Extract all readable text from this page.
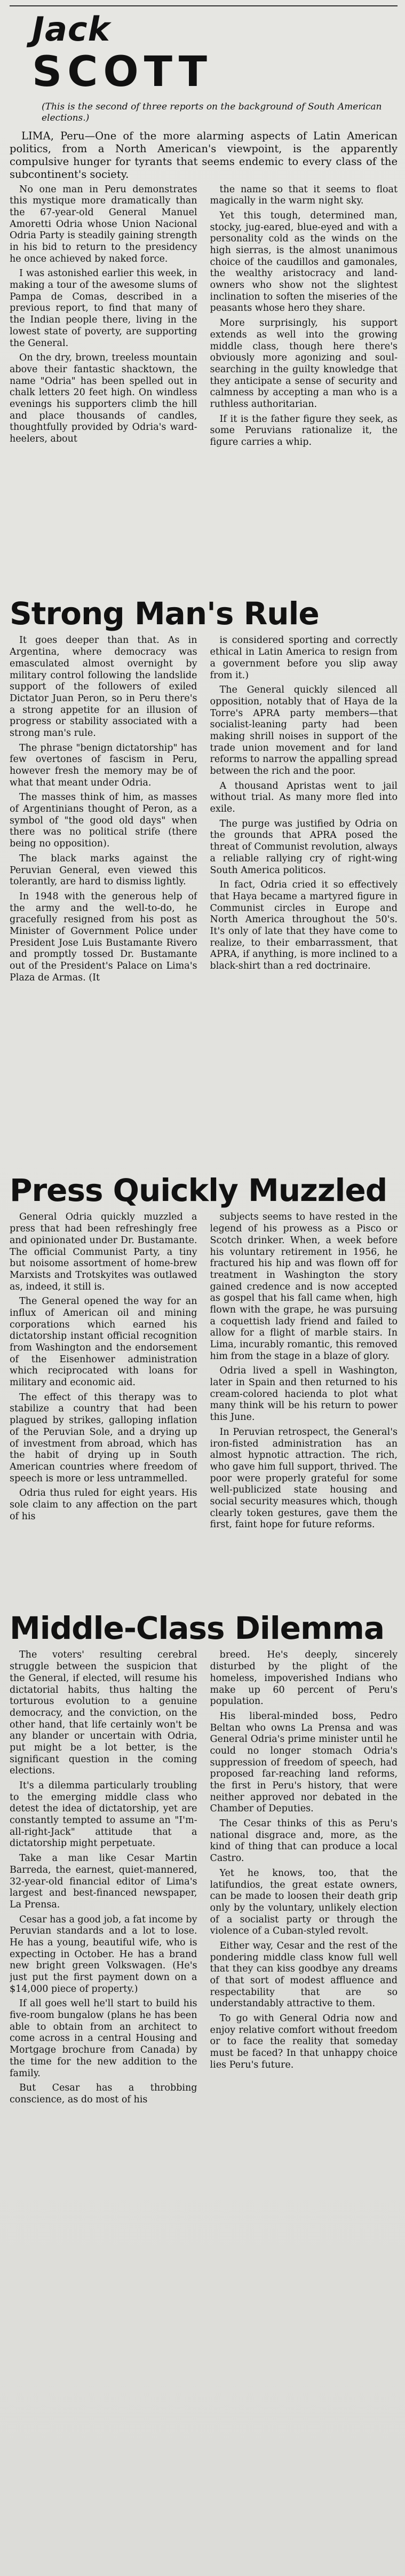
Jack
SCOTT
(This is the second of three reports on the background of South American elections.)

LIMA, Peru—One of the more alarming aspects of Latin American politics, from a North American's viewpoint, is the apparently compulsive hunger for tyrants that seems endemic to every class of the subcontinent's society.

No one man in Peru demonstrates this mystique more dramatically than the 67-year-old General Manuel Amoretti Odria whose Union Nacional Odria Party is steadily gaining strength in his bid to return to the presidency he once achieved by naked force.

I was astonished earlier this week, in making a tour of the awesome slums of Pampa de Comas, described in a previous report, to find that many of the Indian people there, living in the lowest state of poverty, are supporting the General.

On the dry, brown, treeless mountain above their fantastic shacktown, the name "Odria" has been spelled out in chalk letters 20 feet high. On windless evenings his supporters climb the hill and place thousands of candles, thoughtfully provided by Odria's ward-heelers, about

the name so that it seems to float magically in the warm night sky.

Yet this tough, determined man, stocky, jug-eared, blue-eyed and with a personality cold as the winds on the high sierras, is the almost unanimous choice of the caudillos and gamonales, the wealthy aristocracy and land-owners who show not the slightest inclination to soften the miseries of the peasants whose hero they share.

More surprisingly, his support extends as well into the growing middle class, though here there's obviously more agonizing and soul-searching in the guilty knowledge that they anticipate a sense of security and calmness by accepting a man who is a ruthless authoritarian.

If it is the father figure they seek, as some Peruvians rationalize it, the figure carries a whip.

Strong Man's Rule

It goes deeper than that. As in Argentina, where democracy was emasculated almost overnight by military control following the landslide support of the followers of exiled Dictator Juan Peron, so in Peru there's a strong appetite for an illusion of progress or stability associated with a strong man's rule.

The phrase "benign dictatorship" has few overtones of fascism in Peru, however fresh the memory may be of what that meant under Odria.

The masses think of him, as masses of Argentinians thought of Peron, as a symbol of "the good old days" when there was no political strife (there being no opposition).

The black marks against the Peruvian General, even viewed this tolerantly, are hard to dismiss lightly.

In 1948 with the generous help of the army and the well-to-do, he gracefully resigned from his post as Minister of Government Police under President Jose Luis Bustamante Rivero and promptly tossed Dr. Bustamante out of the President's Palace on Lima's Plaza de Armas. (It

is considered sporting and correctly ethical in Latin America to resign from a government before you slip away from it.)

The General quickly silenced all opposition, notably that of Haya de la Torre's APRA party members—that socialist-leaning party had been making shrill noises in support of the trade union movement and for land reforms to narrow the appalling spread between the rich and the poor.

A thousand Apristas went to jail without trial. As many more fled into exile.

The purge was justified by Odria on the grounds that APRA posed the threat of Communist revolution, always a reliable rallying cry of right-wing South America politicos.

In fact, Odria cried it so effectively that Haya became a martyred figure in Communist circles in Europe and North America throughout the 50's. It's only of late that they have come to realize, to their embarrassment, that APRA, if anything, is more inclined to a black-shirt than a red doctrinaire.

Press Quickly Muzzled

General Odria quickly muzzled a press that had been refreshingly free and opinionated under Dr. Bustamante. The official Communist Party, a tiny but noisome assortment of home-brew Marxists and Trotskyites was outlawed as, indeed, it still is.

The General opened the way for an influx of American oil and mining corporations which earned his dictatorship instant official recognition from Washington and the endorsement of the Eisenhower administration which reciprocated with loans for military and economic aid.

The effect of this therapy was to stabilize a country that had been plagued by strikes, galloping inflation of the Peruvian Sole, and a drying up of investment from abroad, which has the habit of drying up in South American countries where freedom of speech is more or less untrammelled.

Odria thus ruled for eight years. His sole claim to any affection on the part of his

subjects seems to have rested in the legend of his prowess as a Pisco or Scotch drinker. When, a week before his voluntary retirement in 1956, he fractured his hip and was flown off for treatment in Washington the story gained credence and is now accepted as gospel that his fall came when, high flown with the grape, he was pursuing a coquettish lady friend and failed to allow for a flight of marble stairs. In Lima, incurably romantic, this removed him from the stage in a blaze of glory.

Odria lived a spell in Washington, later in Spain and then returned to his cream-colored hacienda to plot what many think will be his return to power this June.

In Peruvian retrospect, the General's iron-fisted administration has an almost hypnotic attraction. The rich, who gave him full support, thrived. The poor were properly grateful for some well-publicized state housing and social security measures which, though clearly token gestures, gave them the first, faint hope for future reforms.

Middle-Class Dilemma

The voters' resulting cerebral struggle between the suspicion that the General, if elected, will resume his dictatorial habits, thus halting the torturous evolution to a genuine democracy, and the conviction, on the other hand, that life certainly won't be any blander or uncertain with Odria, put might be a lot better, is the significant question in the coming elections.

It's a dilemma particularly troubling to the emerging middle class who detest the idea of dictatorship, yet are constantly tempted to assume an "I'm-all-right-Jack" attitude that a dictatorship might perpetuate.

Take a man like Cesar Martin Barreda, the earnest, quiet-mannered, 32-year-old financial editor of Lima's largest and best-financed newspaper, La Prensa.

Cesar has a good job, a fat income by Peruvian standards and a lot to lose. He has a young, beautiful wife, who is expecting in October. He has a brand new bright green Volkswagen. (He's just put the first payment down on a $14,000 piece of property.)

If all goes well he'll start to build his five-room bungalow (plans he has been able to obtain from an architect to come across in a central Housing and Mortgage brochure from Canada) by the time for the new addition to the family.

But Cesar has a throbbing conscience, as do most of his

breed. He's deeply, sincerely disturbed by the plight of the homeless, impoverished Indians who make up 60 percent of Peru's population.

His liberal-minded boss, Pedro Beltan who owns La Prensa and was General Odria's prime minister until he could no longer stomach Odria's suppression of freedom of speech, had proposed far-reaching land reforms, the first in Peru's history, that were neither approved nor debated in the Chamber of Deputies.

The Cesar thinks of this as Peru's national disgrace and, more, as the kind of thing that can produce a local Castro.

Yet he knows, too, that the latifundios, the great estate owners, can be made to loosen their death grip only by the voluntary, unlikely election of a socialist party or through the violence of a Cuban-styled revolt.

Either way, Cesar and the rest of the pondering middle class know full well that they can kiss goodbye any dreams of that sort of modest affluence and respectability that are so understandably attractive to them.

To go with General Odria now and enjoy relative comfort without freedom or to face the reality that someday must be faced? In that unhappy choice lies Peru's future.
